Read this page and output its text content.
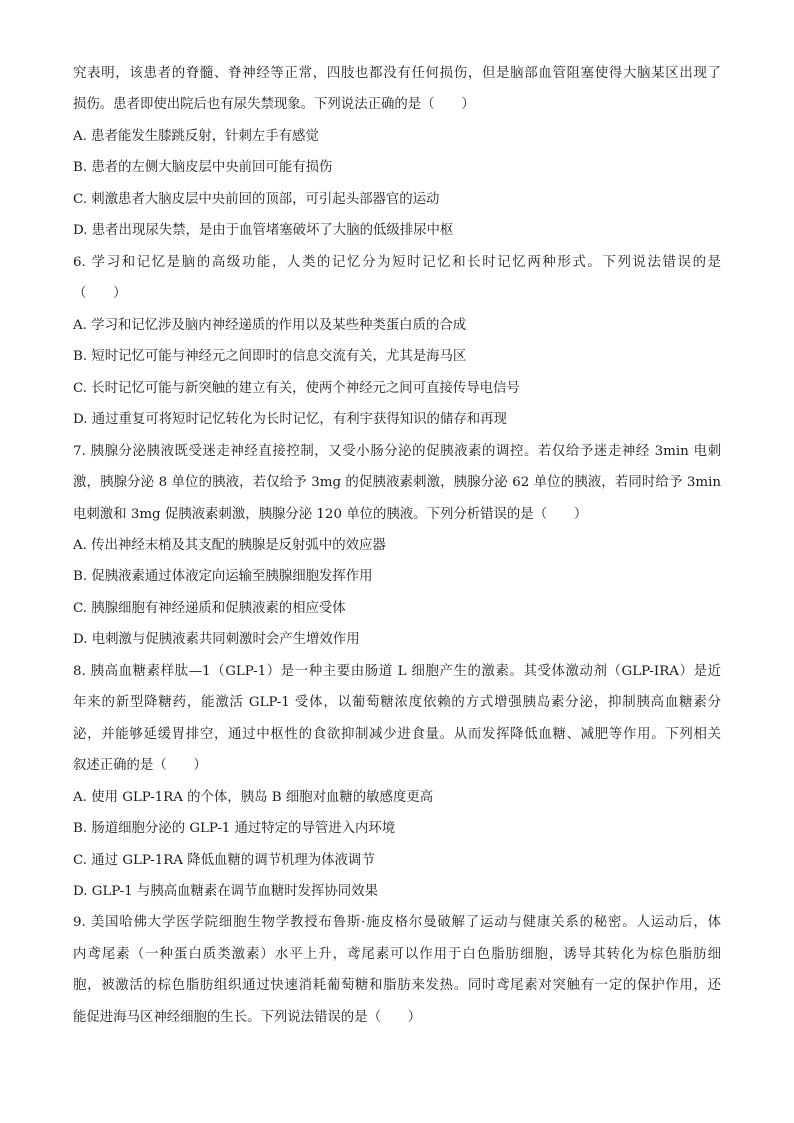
究表明，该患者的脊髓、脊神经等正常，四肢也都没有任何损伤，但是脑部血管阻塞使得大脑某区出现了
损伤。患者即使出院后也有尿失禁现象。下列说法正确的是（　　）
A. 患者能发生膝跳反射，针刺左手有感觉
B. 患者的左侧大脑皮层中央前回可能有损伤
C. 刺激患者大脑皮层中央前回的顶部，可引起头部器官的运动
D. 患者出现尿失禁，是由于血管堵塞破坏了大脑的低级排尿中枢
6. 学习和记忆是脑的高级功能，人类的记忆分为短时记忆和长时记忆两种形式。下列说法错误的是
（　　）
A. 学习和记忆涉及脑内神经递质的作用以及某些种类蛋白质的合成
B. 短时记忆可能与神经元之间即时的信息交流有关，尤其是海马区
C. 长时记忆可能与新突触的建立有关，使两个神经元之间可直接传导电信号
D. 通过重复可将短时记忆转化为长时记忆，有利宇获得知识的储存和再现
7. 胰腺分泌胰液既受迷走神经直接控制，又受小肠分泌的促胰液素的调控。若仅给予迷走神经 3min 电刺
激，胰腺分泌 8 单位的胰液，若仅给予 3mg 的促胰液素刺激，胰腺分泌 62 单位的胰液，若同时给予 3min
电刺激和 3mg 促胰液素刺激，胰腺分泌 120 单位的胰液。下列分析错误的是（　　）
A. 传出神经末梢及其支配的胰腺是反射弧中的效应器
B. 促胰液素通过体液定向运输至胰腺细胞发挥作用
C. 胰腺细胞有神经递质和促胰液素的相应受体
D. 电刺激与促胰液素共同刺激时会产生增效作用
8. 胰高血糖素样肽—1（GLP-1）是一种主要由肠道 L 细胞产生的激素。其受体激动剂（GLP-IRA）是近
年来的新型降糖药，能激活 GLP-1 受体，以葡萄糖浓度依赖的方式增强胰岛素分泌，抑制胰高血糖素分
泌，并能够延缓胃排空，通过中枢性的食欲抑制减少进食量。从而发挥降低血糖、减肥等作用。下列相关
叙述正确的是（　　）
A. 使用 GLP-1RA 的个体，胰岛 B 细胞对血糖的敏感度更高
B. 肠道细胞分泌的 GLP-1 通过特定的导管进入内环境
C. 通过 GLP-1RA 降低血糖的调节机理为体液调节
D. GLP-1 与胰高血糖素在调节血糖时发挥协同效果
9. 美国哈佛大学医学院细胞生物学教授布鲁斯·施皮格尔曼破解了运动与健康关系的秘密。人运动后，体
内鸢尾素（一种蛋白质类激素）水平上升，鸢尾素可以作用于白色脂肪细胞，诱导其转化为棕色脂肪细
胞，被激活的棕色脂肪组织通过快速消耗葡萄糖和脂肪来发热。同时鸢尾素对突触有一定的保护作用，还
能促进海马区神经细胞的生长。下列说法错误的是（　　）
